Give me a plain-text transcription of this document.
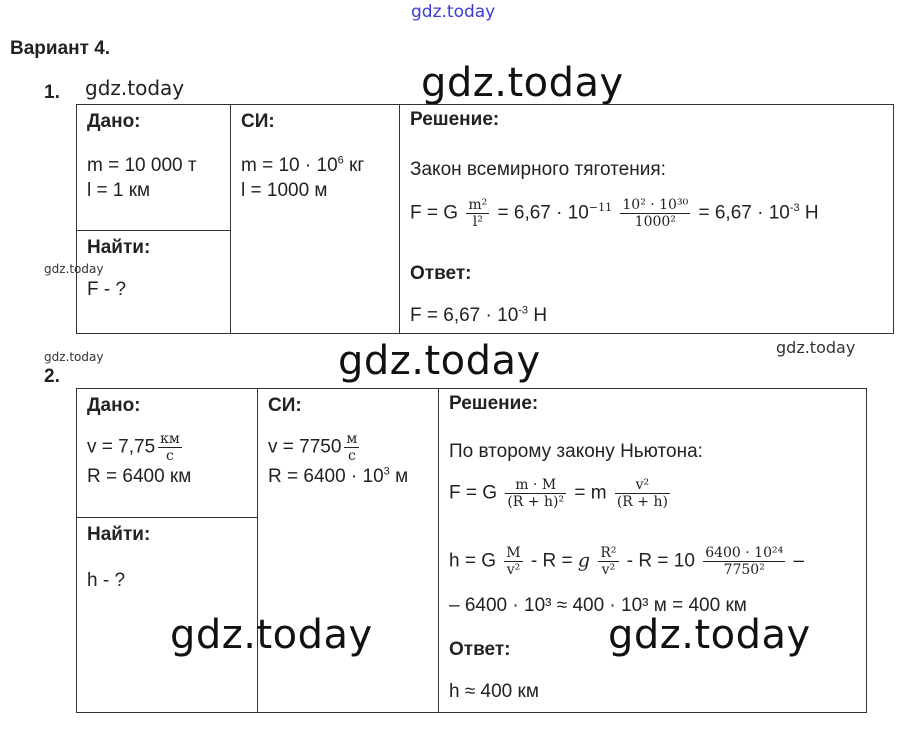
gdz.today
gdz.today	gdz.today
gdz.today
gdz.today	gdz.today	gdz.today
Вариант 4.
1.
Дано:
m = 10 000 т
l = 1 км

СИ:
$m = 10 \cdot 10^6$ кг
l = 1000 м

Решение:
Закон всемирного тяготения:
F = G $\frac{\text{m²}}{\text{l²}} = 6,67 \cdot 10^{-11} \frac{\text{10² · 10³⁰}}{\text{1000²}} = 6,67 \cdot 10^{-3}$ Н
Ответ:
$F = 6,67 \cdot 10^{-3}$ Н

Найти:
F - ?
2.
Дано:
$v = 7,75 \frac{км}{с}$
R = 6400 км

СИ:
$v = 7750 \frac{м}{с}$
$R = 6400 \cdot 10^3$ м

Решение:
По второму закону Ньютона:
F = G $\frac{m \cdot M}{\text{(R + h)²}} = m \frac{\text{v²}}{(R + h)}$
h = G $\frac{M}{\text{v²}} - R = g \frac{\text{R²}}{\text{v²}} - R = 10 \frac{\text{6400 · 10²⁴}}{\text{7750²}}$ –
– 6400 · 10³ ≈ 400 · 10³ м = 400 км
Ответ:
h ≈ 400 км

Найти:
h - ?
gdz.today	gdz.today
